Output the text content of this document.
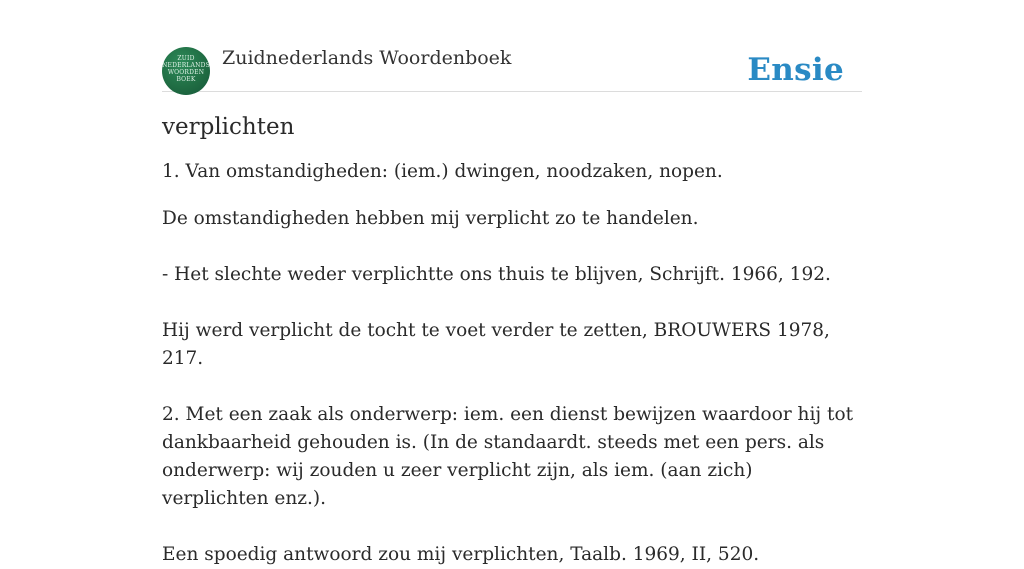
ZUID
NEDERLANDS
WOORDEN
BOEK
Zuidnederlands Woordenboek	Ensie
verplichten

1. Van omstandigheden: (iem.) dwingen, noodzaken, nopen.

De omstandigheden hebben mij verplicht zo te handelen.

- Het slechte weder verplichtte ons thuis te blijven, Schrijft. 1966, 192.

Hij werd verplicht de tocht te voet verder te zetten, BROUWERS 1978, 217.

2. Met een zaak als onderwerp: iem. een dienst bewijzen waardoor hij tot dankbaarheid gehouden is. (In de standaardt. steeds met een pers. als onderwerp: wij zouden u zeer verplicht zijn, als iem. (aan zich) verplichten enz.).

Een spoedig antwoord zou mij verplichten, Taalb. 1969, II, 520.
